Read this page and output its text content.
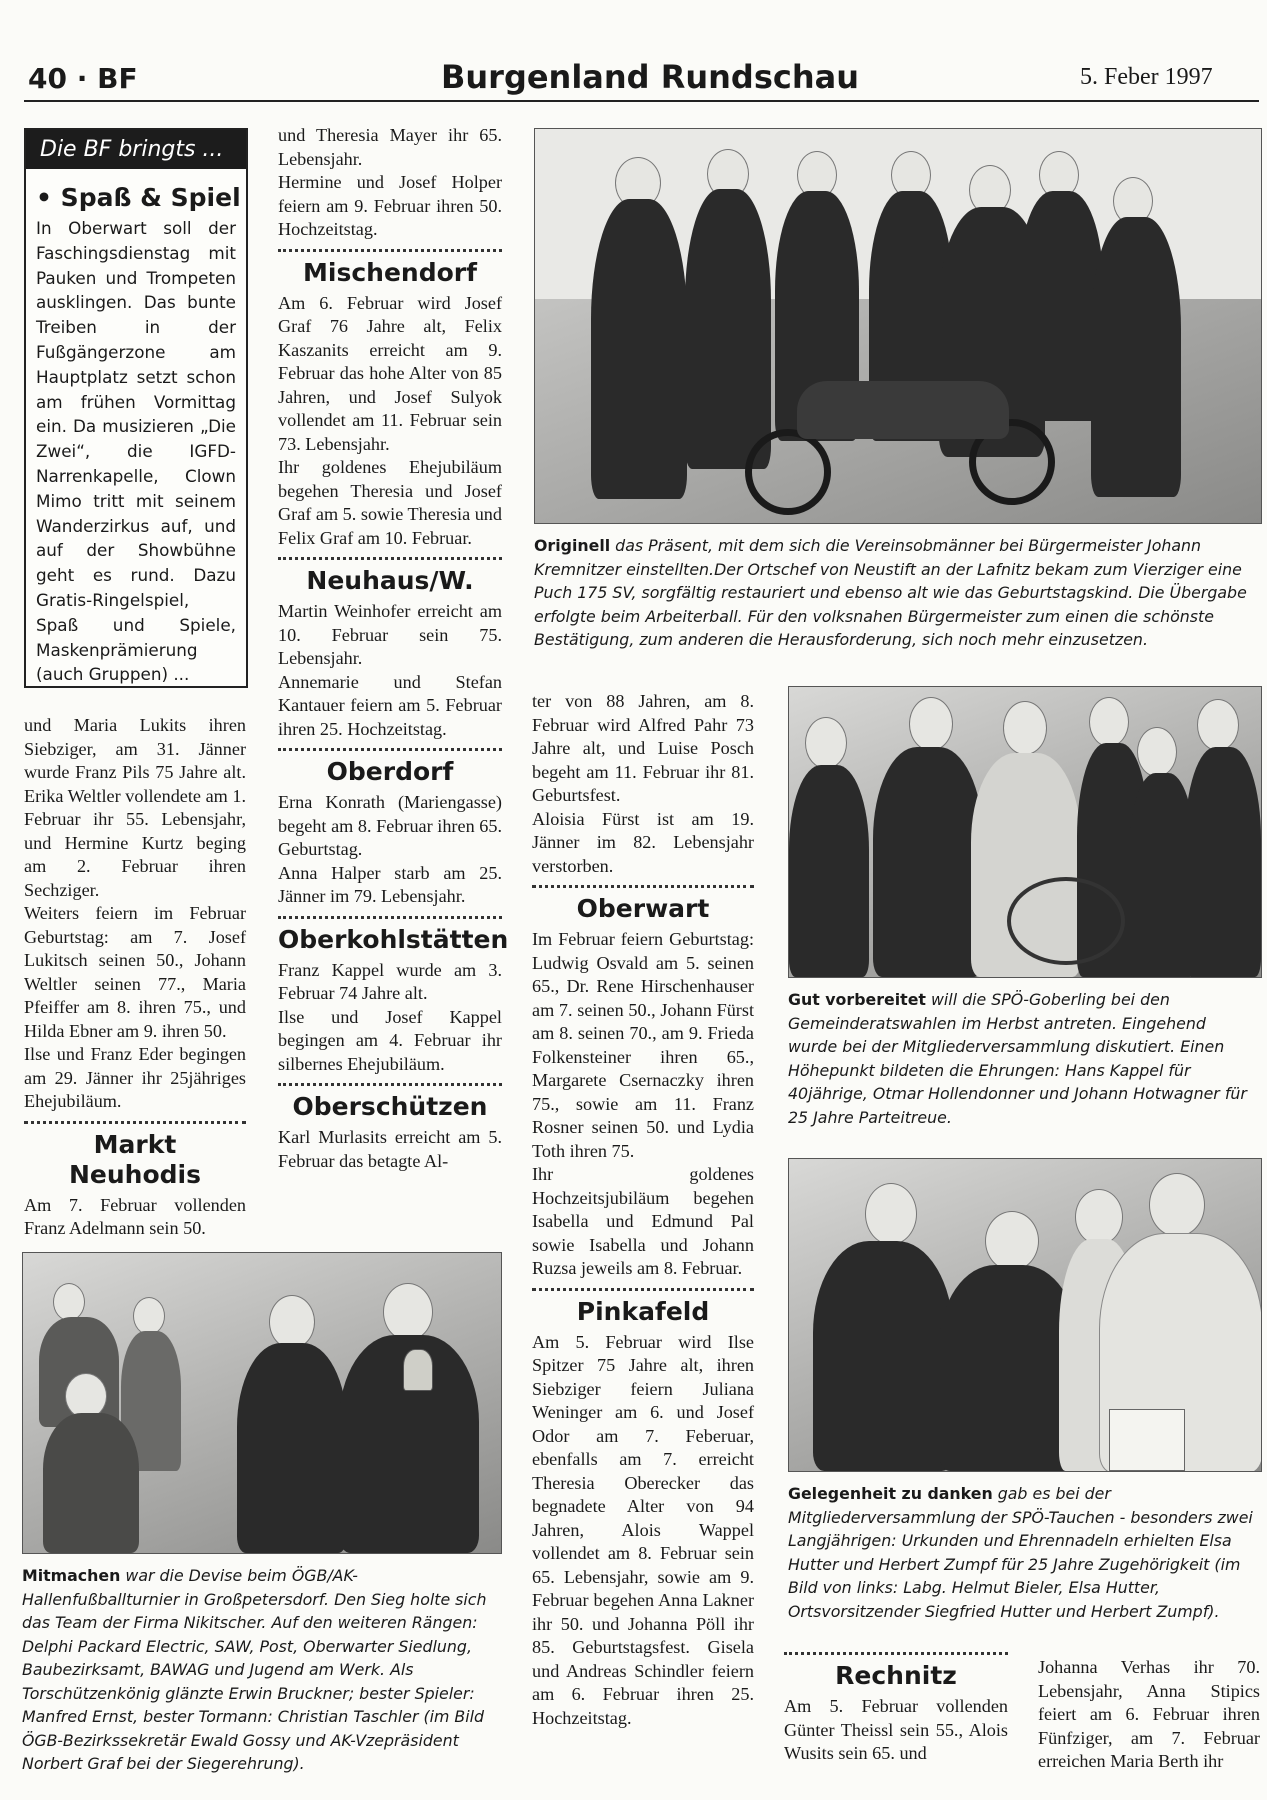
40 · BF	Burgenland Rundschau	5. Feber 1997
Die BF bringts ...
• Spaß & Spiel
In Oberwart soll der Faschingsdienstag mit Pauken und Trompeten ausklingen. Das bunte Treiben in der Fußgängerzone am Hauptplatz setzt schon am frühen Vormittag ein. Da musizieren „Die Zwei“, die IGFD-Narrenkapelle, Clown Mimo tritt mit seinem Wanderzirkus auf, und auf der Showbühne geht es rund. Dazu Gratis-Ringelspiel, Spaß und Spiele, Maskenprämierung (auch Gruppen) ...

und Maria Lukits ihren Siebziger, am 31. Jänner wurde Franz Pils 75 Jahre alt. Erika Weltler vollendete am 1. Februar ihr 55. Lebensjahr, und Hermine Kurtz beging am 2. Februar ihren Sechziger.

Weiters feiern im Februar Geburtstag: am 7. Josef Lukitsch seinen 50., Johann Weltler seinen 77., Maria Pfeiffer am 8. ihren 75., und Hilda Ebner am 9. ihren 50.

Ilse und Franz Eder begingen am 29. Jänner ihr 25jähriges Ehejubiläum.

Markt Neuhodis

Am 7. Februar vollenden Franz Adelmann sein 50.

und Theresia Mayer ihr 65. Lebensjahr.

Hermine und Josef Holper feiern am 9. Februar ihren 50. Hochzeitstag.

Mischendorf

Am 6. Februar wird Josef Graf 76 Jahre alt, Felix Kaszanits erreicht am 9. Februar das hohe Alter von 85 Jahren, und Josef Sulyok vollendet am 11. Februar sein 73. Lebensjahr.

Ihr goldenes Ehejubiläum begehen Theresia und Josef Graf am 5. sowie Theresia und Felix Graf am 10. Februar.

Neuhaus/W.

Martin Weinhofer erreicht am 10. Februar sein 75. Lebensjahr.

Annemarie und Stefan Kantauer feiern am 5. Februar ihren 25. Hochzeitstag.

Oberdorf

Erna Konrath (Mariengasse) begeht am 8. Februar ihren 65. Geburtstag.

Anna Halper starb am 25. Jänner im 79. Lebensjahr.

Oberkohlstätten

Franz Kappel wurde am 3. Februar 74 Jahre alt.

Ilse und Josef Kappel begingen am 4. Februar ihr silbernes Ehejubiläum.

Oberschützen

Karl Murlasits erreicht am 5. Februar das betagte Al-

ter von 88 Jahren, am 8. Februar wird Alfred Pahr 73 Jahre alt, und Luise Posch begeht am 11. Februar ihr 81. Geburtsfest.

Aloisia Fürst ist am 19. Jänner im 82. Lebensjahr verstorben.

Oberwart

Im Februar feiern Geburtstag: Ludwig Osvald am 5. seinen 65., Dr. Rene Hirschenhauser am 7. seinen 50., Johann Fürst am 8. seinen 70., am 9. Frieda Folkensteiner ihren 65., Margarete Csernaczky ihren 75., sowie am 11. Franz Rosner seinen 50. und Lydia Toth ihren 75.

Ihr goldenes Hochzeitsjubiläum begehen Isabella und Edmund Pal sowie Isabella und Johann Ruzsa jeweils am 8. Februar.

Pinkafeld

Am 5. Februar wird Ilse Spitzer 75 Jahre alt, ihren Siebziger feiern Juliana Weninger am 6. und Josef Odor am 7. Feberuar, ebenfalls am 7. erreicht Theresia Oberecker das begnadete Alter von 94 Jahren, Alois Wappel vollendet am 8. Februar sein 65. Lebensjahr, sowie am 9. Februar begehen Anna Lakner ihr 50. und Johanna Pöll ihr 85. Geburtstagsfest. Gisela und Andreas Schindler feiern am 6. Februar ihren 25. Hochzeitstag.

Rechnitz

Am 5. Februar vollenden Günter Theissl sein 55., Alois Wusits sein 65. und

Johanna Verhas ihr 70. Lebensjahr, Anna Stipics feiert am 6. Februar ihren Fünfziger, am 7. Februar erreichen Maria Berth ihr

Originell das Präsent, mit dem sich die Vereinsobmänner bei Bürgermeister Johann Kremnitzer einstellten.Der Ortschef von Neustift an der Lafnitz bekam zum Vierziger eine Puch 175 SV, sorgfältig restauriert und ebenso alt wie das Geburtstagskind. Die Übergabe erfolgte beim Arbeiterball. Für den volksnahen Bürgermeister zum einen die schönste Bestätigung, zum anderen die Herausforderung, sich noch mehr einzusetzen.
Gut vorbereitet will die SPÖ-Goberling bei den Gemeinderatswahlen im Herbst antreten. Eingehend wurde bei der Mitgliederversammlung diskutiert. Einen Höhepunkt bildeten die Ehrungen: Hans Kappel für 40jährige, Otmar Hollendonner und Johann Hotwagner für 25 Jahre Parteitreue.
Gelegenheit zu danken gab es bei der Mitgliederversammlung der SPÖ-Tauchen - besonders zwei Langjährigen: Urkunden und Ehrennadeln erhielten Elsa Hutter und Herbert Zumpf für 25 Jahre Zugehörigkeit (im Bild von links: Labg. Helmut Bieler, Elsa Hutter, Ortsvorsitzender Siegfried Hutter und Herbert Zumpf).
Mitmachen war die Devise beim ÖGB/AK-Hallenfußballturnier in Großpetersdorf. Den Sieg holte sich das Team der Firma Nikitscher. Auf den weiteren Rängen: Delphi Packard Electric, SAW, Post, Oberwarter Siedlung, Baubezirksamt, BAWAG und Jugend am Werk. Als Torschützenkönig glänzte Erwin Bruckner; bester Spieler: Manfred Ernst, bester Tormann: Christian Taschler (im Bild ÖGB-Bezirkssekretär Ewald Gossy und AK-Vzepräsident Norbert Graf bei der Siegerehrung).
